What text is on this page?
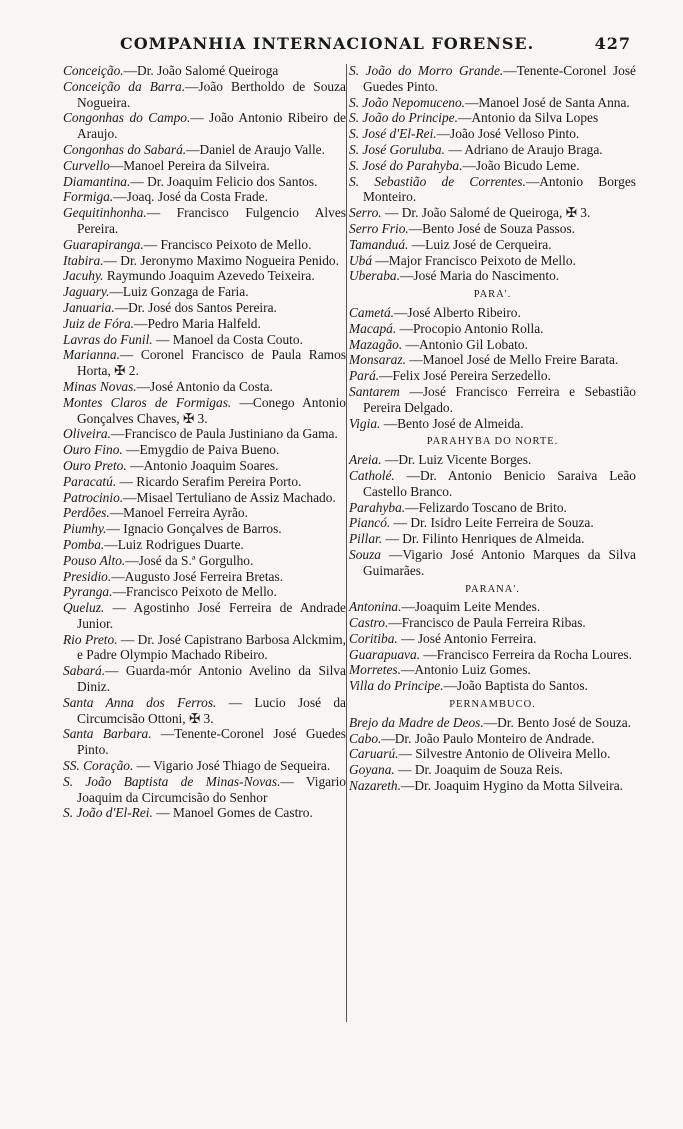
COMPANHIA INTERNACIONAL FORENSE.	427

Conceição.—Dr. João Salomé Queiroga

Conceição da Barra.—João Bertholdo de Souza Nogueira.

Congonhas do Campo.— João Antonio Ribeiro de Araujo.

Congonhas do Sabará.—Daniel de Araujo Valle.

Curvello—Manoel Pereira da Silveira.

Diamantina.— Dr. Joaquim Felicio dos Santos.

Formiga.—Joaq. José da Costa Frade.

Gequitinhonha.— Francisco Fulgencio Alves Pereira.

Guarapiranga.— Francisco Peixoto de Mello.

Itabira.— Dr. Jeronymo Maximo Nogueira Penido.

Jacuhy. Raymundo Joaquim Azevedo Teixeira.

Jaguary.—Luiz Gonzaga de Faria.

Januaria.—Dr. José dos Santos Pereira.

Juiz de Fóra.—Pedro Maria Halfeld.

Lavras do Funil. — Manoel da Costa Couto.

Marianna.— Coronel Francisco de Paula Ramos Horta, ✠ 2.

Minas Novas.—José Antonio da Costa.

Montes Claros de Formigas. —Conego Antonio Gonçalves Chaves, ✠ 3.

Oliveira.—Francisco de Paula Justiniano da Gama.

Ouro Fino. —Emygdio de Paiva Bueno.

Ouro Preto. —Antonio Joaquim Soares.

Paracatú. — Ricardo Serafim Pereira Porto.

Patrocinio.—Misael Tertuliano de Assiz Machado.

Perdões.—Manoel Ferreira Ayrão.

Piumhy.— Ignacio Gonçalves de Barros.

Pomba.—Luiz Rodrigues Duarte.

Pouso Alto.—José da S.ª Gorgulho.

Presidio.—Augusto José Ferreira Bretas.

Pyranga.—Francisco Peixoto de Mello.

Queluz. — Agostinho José Ferreira de Andrade Junior.

Rio Preto. — Dr. José Capistrano Barbosa Alckmim, e Padre Olympio Machado Ribeiro.

Sabará.— Guarda-mór Antonio Avelino da Silva Diniz.

Santa Anna dos Ferros. — Lucio José da Circumcisão Ottoni, ✠ 3.

Santa Barbara. —Tenente-Coronel José Guedes Pinto.

SS. Coração. — Vigario José Thiago de Sequeira.

S. João Baptista de Minas-Novas.— Vigario Joaquim da Circumcisão do Senhor

S. João d'El-Rei. — Manoel Gomes de Castro.

S. João do Morro Grande.—Tenente-Coronel José Guedes Pinto.

S. João Nepomuceno.—Manoel José de Santa Anna.

S. João do Principe.—Antonio da Silva Lopes

S. José d'El-Rei.—João José Velloso Pinto.

S. José Goruluba. — Adriano de Araujo Braga.

S. José do Parahyba.—João Bicudo Leme.

S. Sebastião de Correntes.—Antonio Borges Monteiro.

Serro. — Dr. João Salomé de Queiroga, ✠ 3.

Serro Frio.—Bento José de Souza Passos.

Tamanduá. —Luiz José de Cerqueira.

Ubá —Major Francisco Peixoto de Mello.

Uberaba.—José Maria do Nascimento.

PARA'.

Cametá.—José Alberto Ribeiro.

Macapá. —Procopio Antonio Rolla.

Mazagão. —Antonio Gil Lobato.

Monsaraz. —Manoel José de Mello Freire Barata.

Pará.—Felix José Pereira Serzedello.

Santarem —José Francisco Ferreira e Sebastião Pereira Delgado.

Vigia. —Bento José de Almeida.

PARAHYBA DO NORTE.

Areia. —Dr. Luiz Vicente Borges.

Catholé. —Dr. Antonio Benicio Saraiva Leão Castello Branco.

Parahyba.—Felizardo Toscano de Brito.

Piancó. — Dr. Isidro Leite Ferreira de Souza.

Pillar. — Dr. Filinto Henriques de Almeida.

Souza —Vigario José Antonio Marques da Silva Guimarães.

PARANA'.

Antonina.—Joaquim Leite Mendes.

Castro.—Francisco de Paula Ferreira Ribas.

Coritiba. — José Antonio Ferreira.

Guarapuava. —Francisco Ferreira da Rocha Loures.

Morretes.—Antonio Luiz Gomes.

Villa do Principe.—João Baptista do Santos.

PERNAMBUCO.

Brejo da Madre de Deos.—Dr. Bento José de Souza.

Cabo.—Dr. João Paulo Monteiro de Andrade.

Caruarú.— Silvestre Antonio de Oliveira Mello.

Goyana. — Dr. Joaquim de Souza Reis.

Nazareth.—Dr. Joaquim Hygino da Motta Silveira.
